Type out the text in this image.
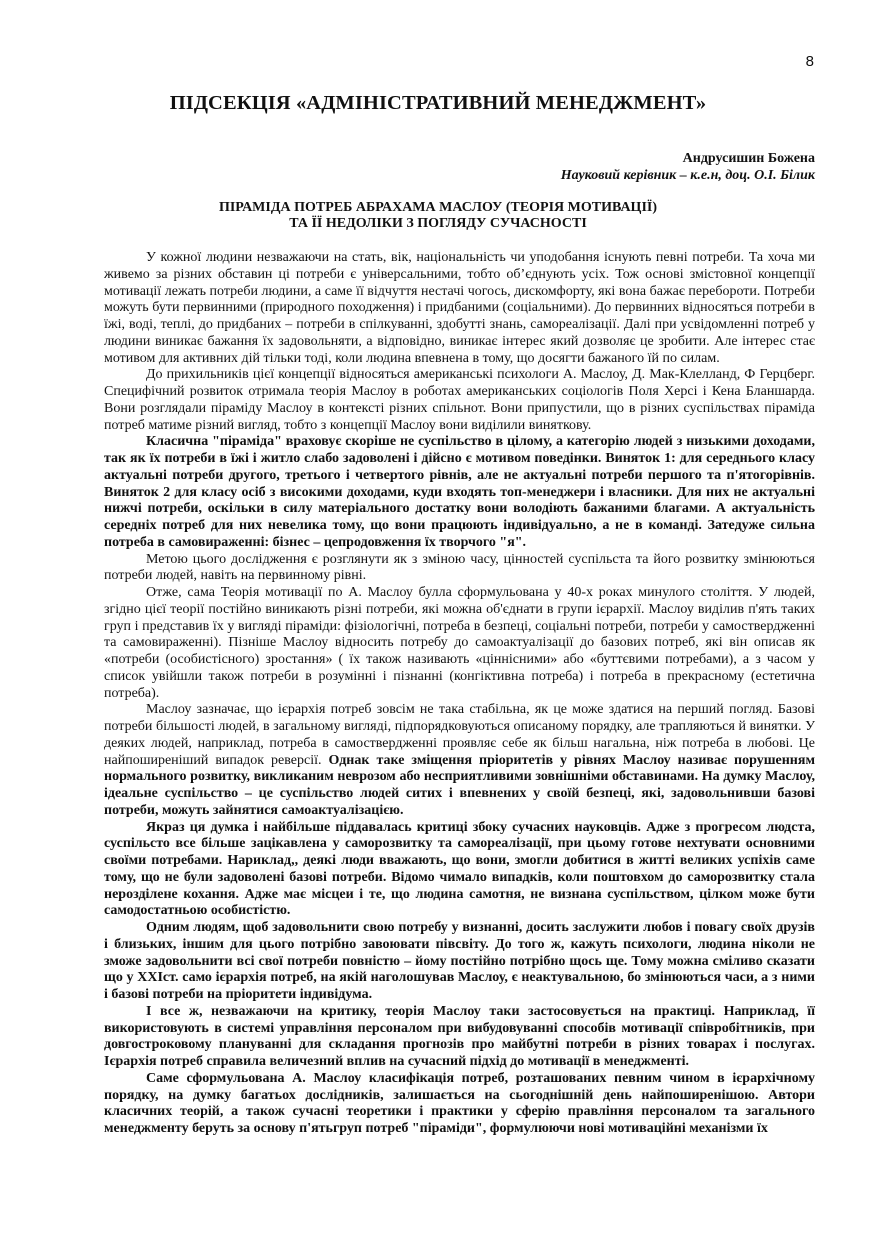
8
ПІДСЕКЦІЯ «АДМІНІСТРАТИВНИЙ МЕНЕДЖМЕНТ»
Андрусишин Божена
Науковий керівник – к.е.н, доц. О.І. Білик
ПІРАМІДА ПОТРЕБ АБРАХАМА МАСЛОУ (ТЕОРІЯ МОТИВАЦІЇ)
ТА ЇЇ НЕДОЛІКИ З ПОГЛЯДУ СУЧАСНОСТІ

У кожної людини незважаючи на стать, вік, національність чи уподобання існують певні потреби. Та хоча ми живемо за різних обставин ці потреби є універсальними, тобто об’єднують усіх. Тож основі змістовної концепції мотивації лежать потреби людини, а саме її відчуття нестачі чогось, дискомфорту, які вона бажає перебороти. Потреби можуть бути первинними (природного походження) і придбаними (соціальними). До первинних відносяться потреби в їжі, воді, теплі, до придбаних – потреби в спілкуванні, здобутті знань, самореалізації. Далі при усвідомленні потреб у людини виникає бажання їх задовольняти, а відповідно, виникає інтерес який дозволяє це зробити. Але інтерес стає мотивом для активних дій тільки тоді, коли людина впевнена в тому, що досягти бажаного їй по силам.

До прихильників цієї концепції відносяться американські психологи А. Маслоу, Д. Мак-Клелланд, Ф Герцберг. Специфічний розвиток отримала теорія Маслоу в роботах американських соціологів Поля Херсі і Кена Бланшарда. Вони розглядали піраміду Маслоу в контексті різних спільнот. Вони припустили, що в різних суспільствах піраміда потреб матиме різний вигляд, тобто з концепції Маслоу вони виділили виняткову.

Класична "піраміда" враховує скоріше не суспільство в цілому, а категорію людей з низькими доходами, так як їх потреби в їжі і житло слабо задоволені і дійсно є мотивом поведінки. Виняток 1: для середнього класу актуальні потреби другого, третього і четвертого рівнів, але не актуальні потреби першого та п'ятогорівнів. Виняток 2 для класу осіб з високими доходами, куди входять топ-менеджери і власники. Для них не актуальні нижчі потреби, оскільки в силу матеріального достатку вони володіють бажаними благами. А актуальність середніх потреб для них невелика тому, що вони працюють індивідуально, а не в команді. Затедуже сильна потреба в самовираженні: бізнес – цепродовження їх творчого "я".

Метою цього дослідження є розглянути як з зміною часу, цінностей суспільста та його розвитку змінюються потреби людей, навіть на первинному рівні.

Отже, сама Теорія мотивації по А. Маслоу булла сформульована у 40-х роках минулого століття. У людей, згідно цієї теорії постійно виникають різні потреби, які можна об'єднати в групи ієрархії. Маслоу виділив п'ять таких груп і представив їх у вигляді піраміди: фізіологічні, потреба в безпеці, соціальні потреби, потреби у самоствердженні та самовираженні). Пізніше Маслоу відносить потребу до самоактуалізації до базових потреб, які він описав як «потреби (особистісного) зростання» ( їх також називають «ціннісними» або «буттєвими потребами), а з часом у список увійшли також потреби в розумінні і пізнанні (конгіктивна потреба) і потреба в прекрасному (естетична потреба).

Маслоу зазначає, що ієрархія потреб зовсім не така стабільна, як це може здатися на перший погляд. Базові потреби більшості людей, в загальному вигляді, підпорядковуються описаному порядку, але трапляються й винятки. У деяких людей, наприклад, потреба в самоствердженні проявляє себе як більш нагальна, ніж потреба в любові. Це найпоширеніший випадок реверсії. Однак таке зміщення пріоритетів у рівнях Маслоу називає порушенням нормального розвитку, викликаним неврозом або несприятливими зовнішніми обставинами. На думку Маслоу, ідеальне суспільство – це суспільство людей ситих і впевнених у своїй безпеці, які, задовольнивши базові потреби, можуть зайнятися самоактуалізацією.

Якраз ця думка і найбільше піддавалась критиці збоку сучасних науковців. Адже з прогресом людста, суспільсто все більше зацікавлена у саморозвитку та самореалізації, при цьому готове нехтувати основними своїми потребами. Нариклад,, деякі люди вважають, що вони, змогли добитися в житті великих успіхів саме тому, що не були задоволені базові потреби. Відомо чимало випадків, коли поштовхом до саморозвитку стала нерозділене кохання. Адже має місцеи і те, що людина самотня, не визнана суспільством, цілком може бути самодостатньою особистістю.

Одним людям, щоб задовольнити свою потребу у визнанні, досить заслужити любов і повагу своїх друзів і близьких, іншим для цього потрібно завоювати півсвіту. До того ж, кажуть психологи, людина ніколи не зможе задовольнити всі свої потреби повністю – йому постійно потрібно щось ще. Тому можна сміливо сказати що у ХХІст. само ієрархія потреб, на якій наголошував Маслоу, є неактувальною, бо змінюються часи, а з ними і базові потреби на пріоритети індивідума.

І все ж, незважаючи на критику, теорія Маслоу таки застосовується на практиці. Наприклад, її використовують в системі управління персоналом при вибудовуванні способів мотивації співробітників, при довгостроковому плануванні для складання прогнозів про майбутні потреби в різних товарах і послугах. Ієрархія потреб справила величезний вплив на сучасний підхід до мотивації в менеджменті.

Саме сформульована А. Маслоу класифікація потреб, розташованих певним чином в ієрархічному порядку, на думку багатьох дослідників, залишається на сьогоднішній день найпоширенішою. Автори класичних теорій, а також сучасні теоретики і практики у сферію правління персоналом та загального менеджменту беруть за основу п'ятьгруп потреб "піраміди", формулюючи нові мотиваційні механізми їх
